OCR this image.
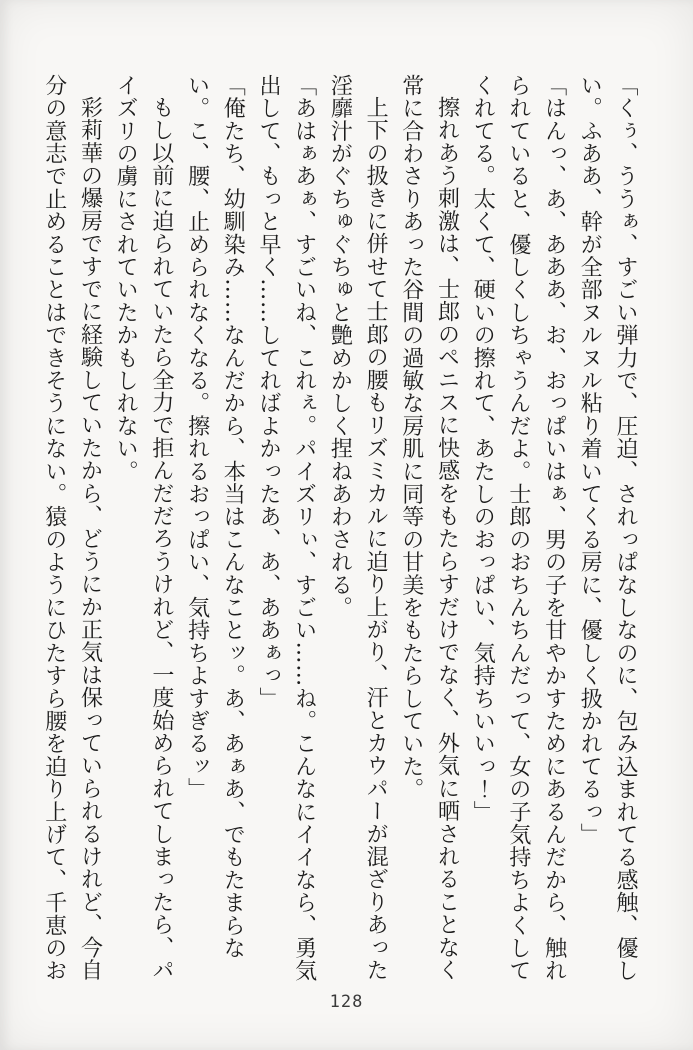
「くぅ、ううぁ、すごい弾力で、圧迫、されっぱなしなのに、包み込まれてる感触、優しい。ふああ、幹が全部ヌルヌル粘り着いてくる房に、優しく扱かれてるっ」

「はんっ、あ、あああ、お、おっぱいはぁ、男の子を甘やかすためにあるんだから、触れられていると、優しくしちゃうんだよ。士郎のおちんちんだって、女の子気持ちよくしてくれてる。太くて、硬いの擦れて、あたしのおっぱい、気持ちいいっ！」

擦れあう刺激は、士郎のペニスに快感をもたらすだけでなく、外気に晒されることなく常に合わさりあった谷間の過敏な房肌に同等の甘美をもたらしていた。

上下の扱きに併せて士郎の腰もリズミカルに迫り上がり、汗とカウパーが混ざりあった淫靡汁がぐちゅぐちゅと艶めかしく捏ねあわされる。

「あはぁあぁ、すごいね、これぇ。パイズリぃ、すごい……ね。こんなにイイなら、勇気出して、もっと早く……してればよかったあ、あ、ああぁっ」

「俺たち、幼馴染み……なんだから、本当はこんなことッ。あ、あぁあ、でもたまらない。こ、腰、止められなくなる。擦れるおっぱい、気持ちよすぎるッ」

もし以前に迫られていたら全力で拒んだだろうけれど、一度始められてしまったら、パイズリの虜にされていたかもしれない。

彩莉華の爆房ですでに経験していたから、どうにか正気は保っていられるけれど、今自分の意志で止めることはできそうにない。猿のようにひたすら腰を迫り上げて、千恵のお

128
